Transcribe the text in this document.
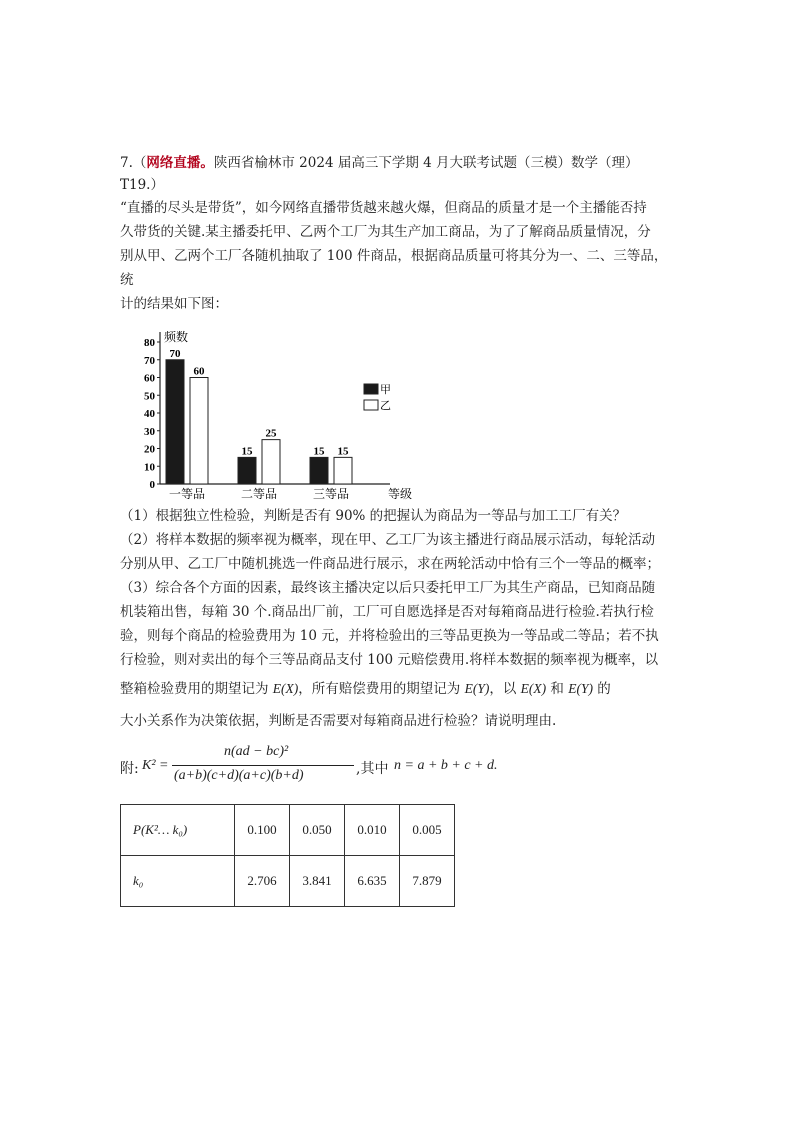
7.（网络直播。陕西省榆林市 2024 届高三下学期 4 月大联考试题（三模）数学（理）
T19.）
“直播的尽头是带货”，如今网络直播带货越来越火爆，但商品的质量才是一个主播能否持
久带货的关键.某主播委托甲、乙两个工厂为其生产加工商品，为了了解商品质量情况，分
别从甲、乙两个工厂各随机抽取了 100 件商品，根据商品质量可将其分为一、二、三等品，统
计的结果如下图：
频数
等级
0
10
20
30
40
50
60
70
80
70
60
一等品
15
25
二等品
15 15
三等品
甲
乙
（1）根据独立性检验，判断是否有 90% 的把握认为商品为一等品与加工工厂有关？
（2）将样本数据的频率视为概率，现在甲、乙工厂为该主播进行商品展示活动，每轮活动
分别从甲、乙工厂中随机挑选一件商品进行展示，求在两轮活动中恰有三个一等品的概率；
（3）综合各个方面的因素，最终该主播决定以后只委托甲工厂为其生产商品，已知商品随
机装箱出售，每箱 30 个.商品出厂前，工厂可自愿选择是否对每箱商品进行检验.若执行检
验，则每个商品的检验费用为 10 元，并将检验出的三等品更换为一等品或二等品；若不执
行检验，则对卖出的每个三等品商品支付 100 元赔偿费用.将样本数据的频率视为概率，以
整箱检验费用的期望记为 E(X)，所有赔偿费用的期望记为 E(Y)，以 E(X) 和 E(Y) 的
大小关系作为决策依据，判断是否需要对每箱商品进行检验？请说明理由.
附: K² =
n(ad − bc)²
(a+b)(c+d)(a+c)(b+d)	,其中 n = a + b + c + d.
P(K²… k₀)	0.100	0.050	0.010	0.005
k₀	2.706	3.841	6.635	7.879
